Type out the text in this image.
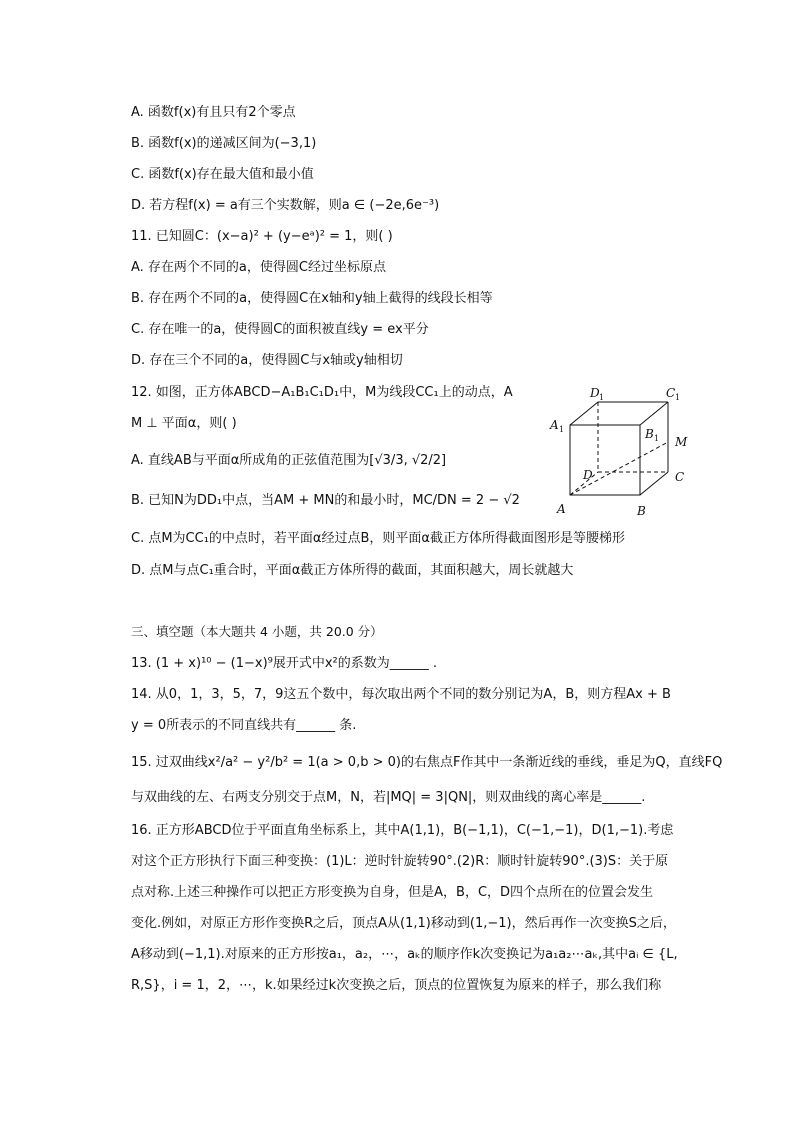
A. 函数f(x)有且只有2个零点
B. 函数f(x)的递减区间为(−3,1)
C. 函数f(x)存在最大值和最小值
D. 若方程f(x) = a有三个实数解，则a ∈ (−2e,6e⁻³)
11. 已知圆C：(x−a)² + (y−eᵃ)² = 1，则( )
A. 存在两个不同的a，使得圆C经过坐标原点
B. 存在两个不同的a，使得圆C在x轴和y轴上截得的线段长相等
C. 存在唯一的a，使得圆C的面积被直线y = ex平分
D. 存在三个不同的a，使得圆C与x轴或y轴相切
12. 如图，正方体ABCD−A₁B₁C₁D₁中，M为线段CC₁上的动点，A
M ⊥ 平面α，则( )
A. 直线AB与平面α所成角的正弦值范围为[√3/3, √2/2]
B. 已知N为DD₁中点，当AM + MN的和最小时，MC/DN = 2 − √2
C. 点M为CC₁的中点时，若平面α经过点B，则平面α截正方体所得截面图形是等腰梯形
D. 点M与点C₁重合时，平面α截正方体所得的截面，其面积越大，周长就越大
D 1	C 1
A 1	B 1 M
D	C
A	B
三、填空题（本大题共 4 小题，共 20.0 分）
13. (1 + x)¹⁰ − (1−x)⁹展开式中x²的系数为______ .
14. 从0，1，3，5，7，9这五个数中，每次取出两个不同的数分别记为A，B，则方程Ax + B
y = 0所表示的不同直线共有______ 条.
15. 过双曲线x²/a² − y²/b² = 1(a > 0,b > 0)的右焦点F作其中一条渐近线的垂线，垂足为Q，直线FQ
与双曲线的左、右两支分别交于点M，N，若|MQ| = 3|QN|，则双曲线的离心率是______.
16. 正方形ABCD位于平面直角坐标系上，其中A(1,1)，B(−1,1)，C(−1,−1)，D(1,−1).考虑
对这个正方形执行下面三种变换：(1)L：逆时针旋转90°.(2)R：顺时针旋转90°.(3)S：关于原
点对称.上述三种操作可以把正方形变换为自身，但是A，B，C，D四个点所在的位置会发生
变化.例如，对原正方形作变换R之后，顶点A从(1,1)移动到(1,−1)，然后再作一次变换S之后，
A移动到(−1,1).对原来的正方形按a₁，a₂，⋯，aₖ的顺序作k次变换记为a₁a₂⋯aₖ,其中aᵢ ∈ {L,
R,S}，i = 1，2，⋯，k.如果经过k次变换之后，顶点的位置恢复为原来的样子，那么我们称
